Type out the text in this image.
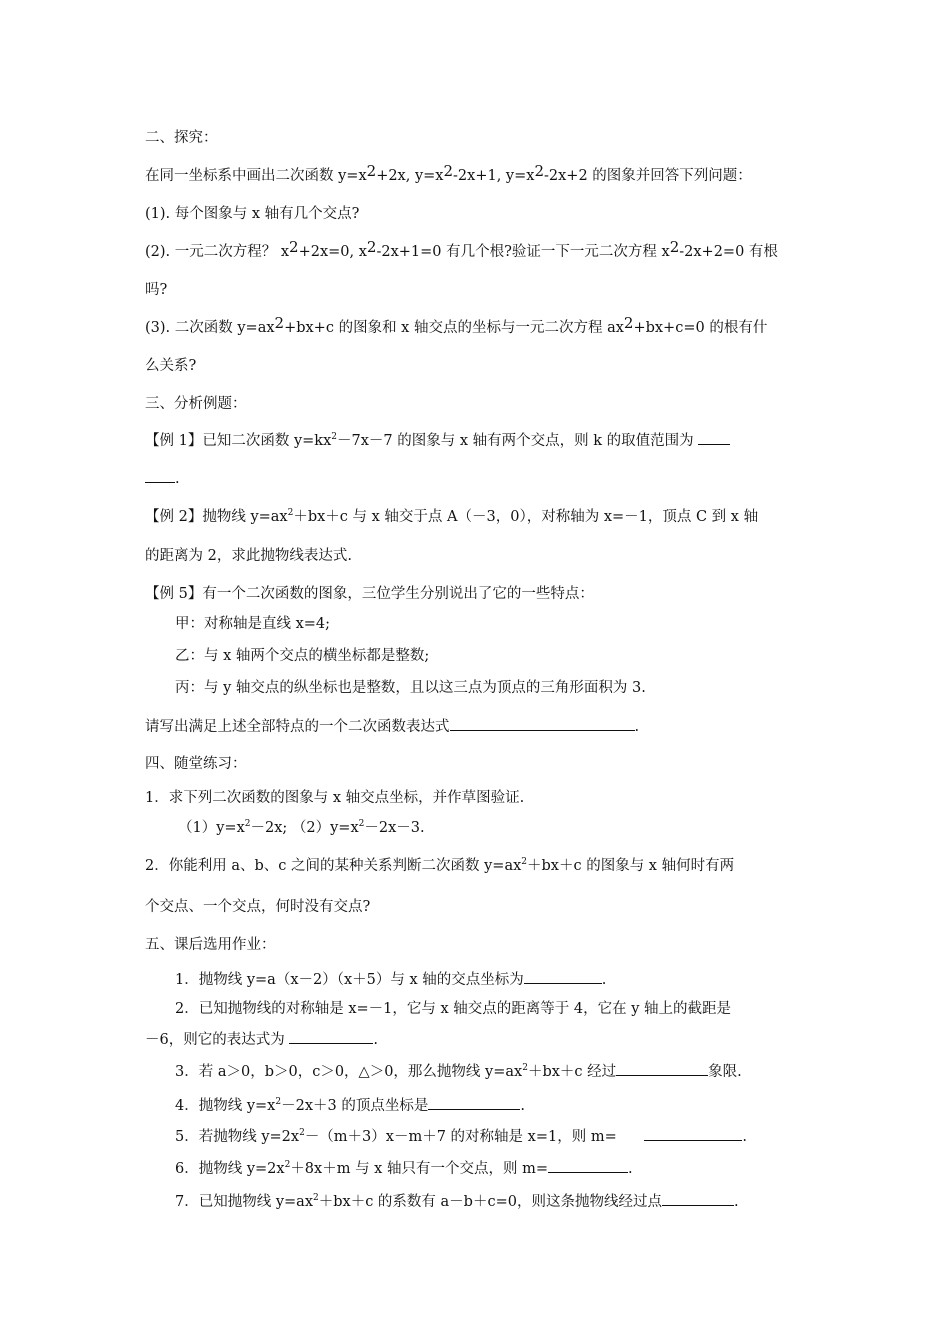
二、探究：
在同一坐标系中画出二次函数 $y=x^2+2x$, $y=x^2-2x+1$, $y=x^2-2x+2$ 的图象并回答下列问题：
(1). 每个图象与 x 轴有几个交点?
(2). 一元二次方程？ $x^2+2x=0$, $x^2-2x+1=0$ 有几个根?验证一下一元二次方程 $x^2-2x+2=0$ 有根
吗?
(3). 二次函数 $y=ax^2+bx+c$ 的图象和 x 轴交点的坐标与一元二次方程 $ax^2+bx+c=0$ 的根有什
么关系?
三、分析例题：
【例 1】已知二次函数 $y=kx^2-7x-7$ 的图象与 x 轴有两个交点，则 k 的取值范围为
.
【例 2】抛物线 $y=ax^2+bx+c$ 与 x 轴交于点 A（－3，0），对称轴为 x=－1，顶点 C 到 x 轴
的距离为 2，求此抛物线表达式.
【例 5】有一个二次函数的图象，三位学生分别说出了它的一些特点：
甲：对称轴是直线 x=4;
乙：与 x 轴两个交点的横坐标都是整数;
丙：与 y 轴交点的纵坐标也是整数，且以这三点为顶点的三角形面积为 3.
请写出满足上述全部特点的一个二次函数表达式	.
四、随堂练习：
1．求下列二次函数的图象与 x 轴交点坐标，并作草图验证.
$(1)y=x^2-2x$; $(2)y=x^2-2x-3$.
2．你能利用 a、b、c 之间的某种关系判断二次函数 $y=ax^2+bx+c$ 的图象与 x 轴何时有两
个交点、一个交点，何时没有交点?
五、课后选用作业：
1．抛物线 y=a（x－2）（x＋5）与 x 轴的交点坐标为	.
2．已知抛物线的对称轴是 x=－1，它与 x 轴交点的距离等于 4，它在 y 轴上的截距是
－6，则它的表达式为	.
3．若 a＞0，b＞0，c＞0，△＞0，那么抛物线 $y=ax^2+bx+c$ 经过	象限.
4．抛物线 $y=x^2-2x+3$ 的顶点坐标是	.
5．若抛物线 $y=2x^2-(m+3)x-m+7$ 的对称轴是 x=1，则 m=	.
6．抛物线 $y=2x^2+8x+m$ 与 x 轴只有一个交点，则 m=	.
7．已知抛物线 $y=ax^2+bx+c$ 的系数有 a－b＋c=0，则这条抛物线经过点	.
